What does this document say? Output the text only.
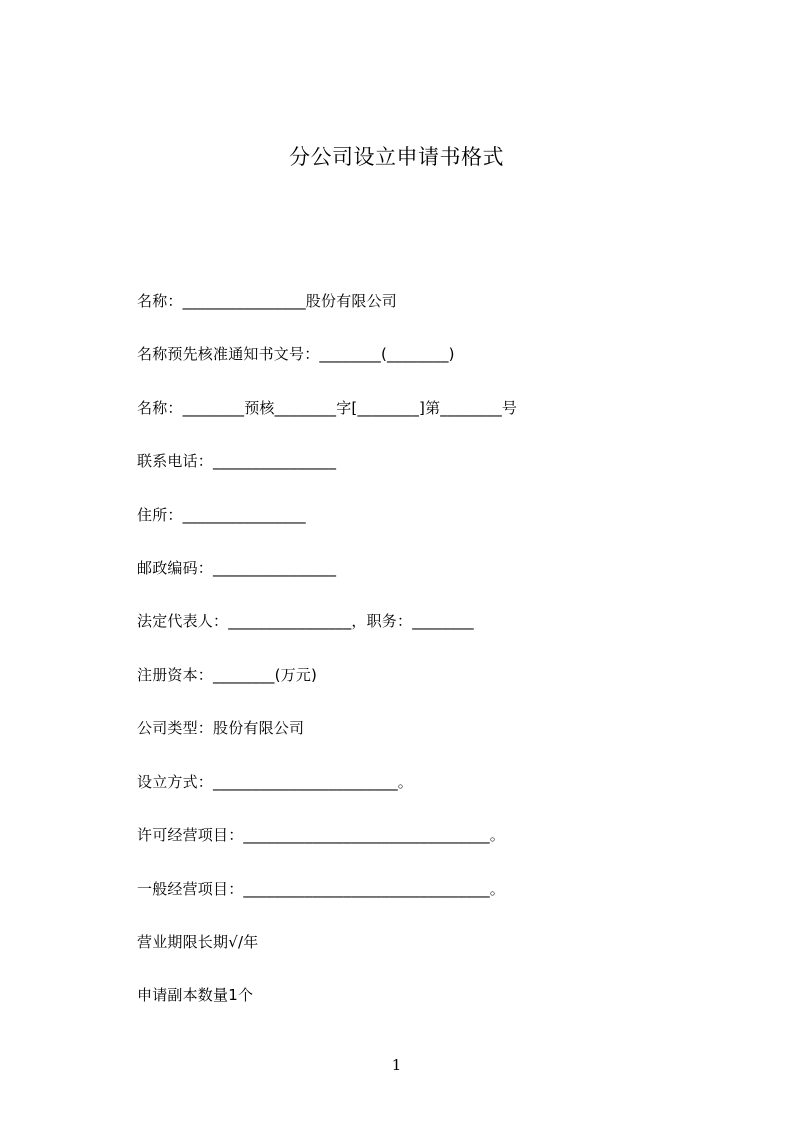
分公司设立申请书格式
名称：________________股份有限公司
名称预先核准通知书文号：________(________)
名称：________预核________字[________]第________号
联系电话：________________
住所：________________
邮政编码：________________
法定代表人：________________，职务：________
注册资本：________(万元)
公司类型：股份有限公司
设立方式：________________________。
许可经营项目：________________________________。
一般经营项目：________________________________。
营业期限长期√/年
申请副本数量1个
1
